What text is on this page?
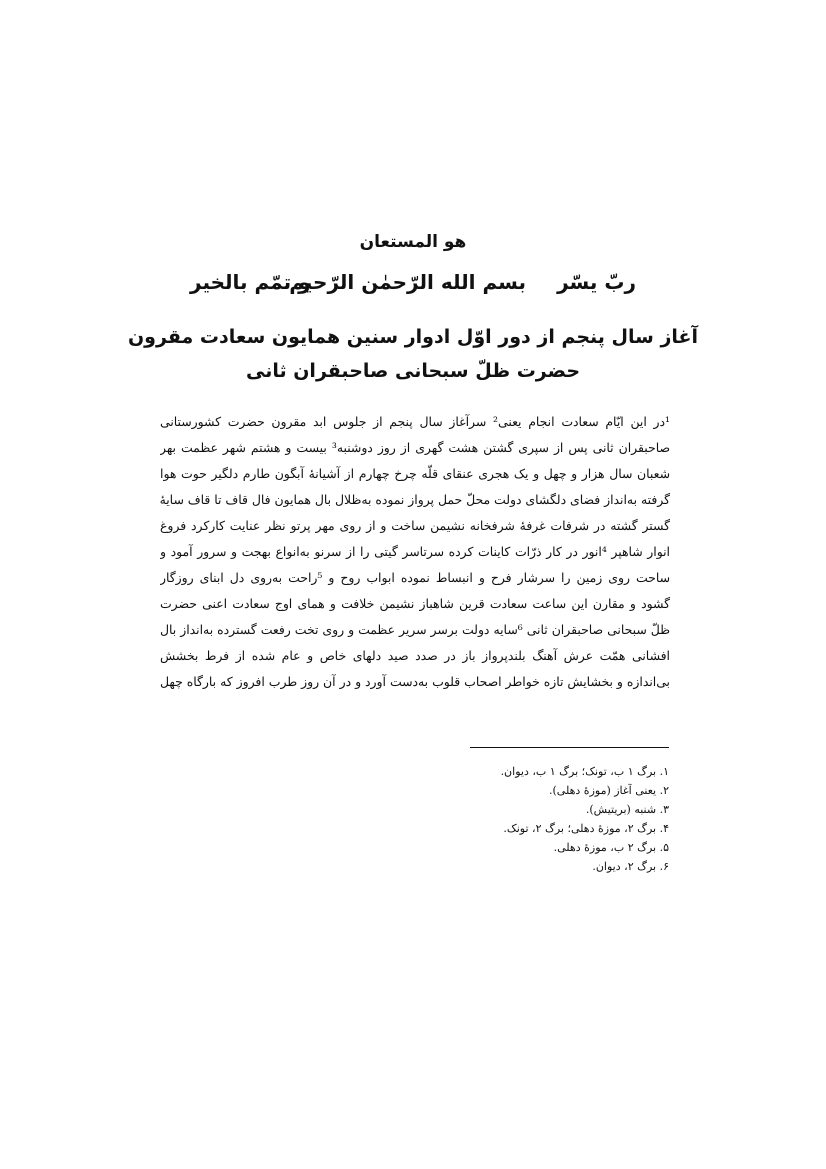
هو المستعان
ربّ یسّر
بسم الله الرّحمٰن الرّحیم
و تمّم بالخیر
آغاز سال پنجم از دور اوّل ادوار سنین همایون سعادت مقرون
حضرت ظلّ سبحانی صاحبقران ثانی
¹در این ایّام سعادت انجام یعنی² سرآغاز سال پنجم از جلوس ابد مقرون حضرت کشورستانی
صاحبقران ثانی پس از سپری گشتن هشت گهری از روز دوشنبه³ بیست و هشتم شهر عظمت بهر
شعبان سال هزار و چهل و یک هجری عنقای قلّه چرخ چهارم از آشیانهٔ آبگون طارم دلگیر حوت هوا
گرفته به‌انداز فضای دلگشای دولت محلّ حمل پرواز نموده به‌ظلال بال همایون فال قاف تا قاف سایهٔ
گستر گشته در شرفات غرفهٔ شرفخانه نشیمن ساخت و از روی مهر پرتو نظر عنایت کارکرد فروغ
انوار شاهپر ⁴انور در کار ذرّات کاینات کرده سرتاسر گیتی را از سرنو به‌انواع بهجت و سرور آمود و
ساحت روی زمین را سرشار فرح و انبساط نموده ابواب روح و ⁵راحت به‌روی دل ابنای روزگار
گشود و مقارن این ساعت سعادت قرین شاهباز نشیمن خلافت و همای اوج سعادت اعنی حضرت
ظلّ سبحانی صاحبقران ثانی ⁶سایه دولت برسر سریر عظمت و روی تخت رفعت گسترده به‌انداز بال
افشانی همّت عرش آهنگ بلندپرواز باز در صدد صید دلهای خاص و عام شده از فرط بخشش
بی‌اندازه و بخشایش تازه خواطر اصحاب قلوب به‌دست آورد و در آن روز طرب افروز که بارگاه چهل
۱. برگ ۱ ب، تونک؛ برگ ۱ ب، دیوان.
۲. یعنی آغاز (موزهٔ دهلی).
۳. شنبه (بریتیش).
۴. برگ ۲، موزهٔ دهلی؛ برگ ۲، تونک.
۵. برگ ۲ ب، موزهٔ دهلی.
۶. برگ ۲، دیوان.
